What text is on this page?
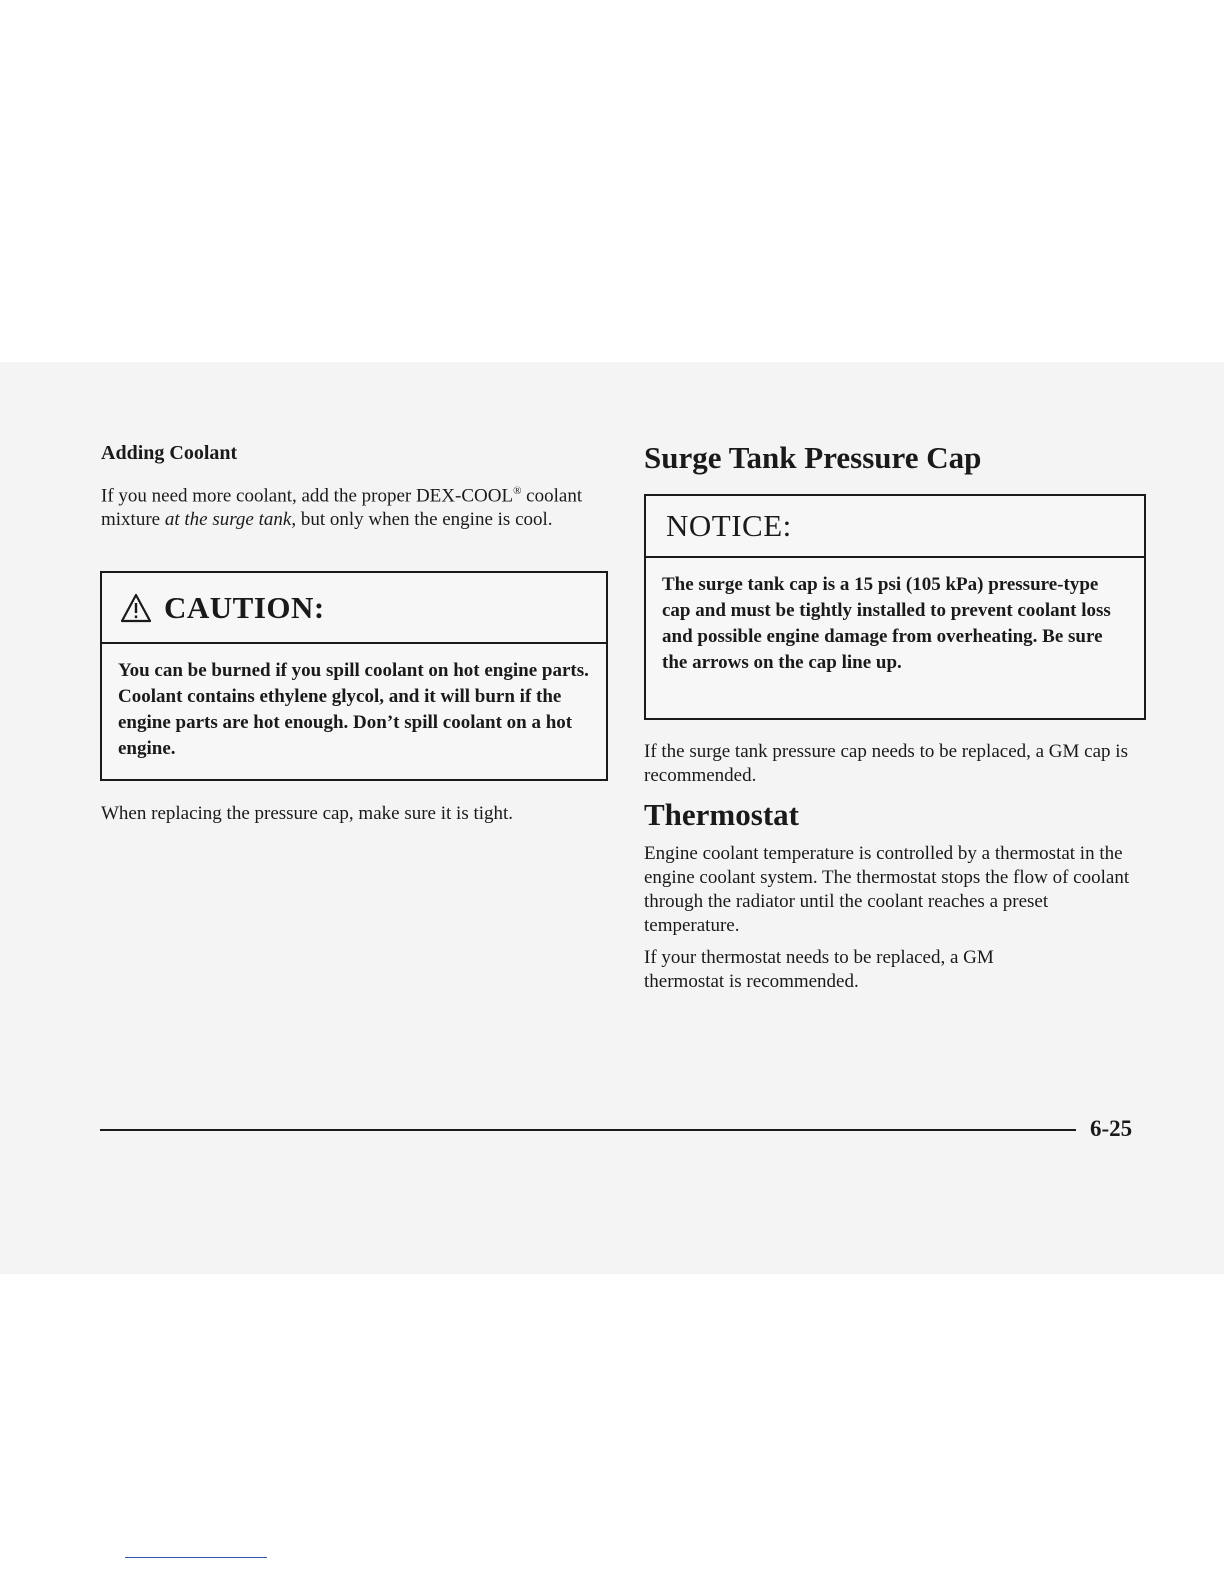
Adding Coolant
If you need more coolant, add the proper DEX-COOL® coolant mixture at the surge tank, but only when the engine is cool.
CAUTION:
You can be burned if you spill coolant on hot engine parts. Coolant contains ethylene glycol, and it will burn if the engine parts are hot enough. Don’t spill coolant on a hot engine.
When replacing the pressure cap, make sure it is tight.
Surge Tank Pressure Cap
NOTICE:
The surge tank cap is a 15 psi (105 kPa) pressure-type cap and must be tightly installed to prevent coolant loss and possible engine damage from overheating. Be sure the arrows on the cap line up.
If the surge tank pressure cap needs to be replaced, a GM cap is recommended.
Thermostat
Engine coolant temperature is controlled by a thermostat in the engine coolant system. The thermostat stops the flow of coolant through the radiator until the coolant reaches a preset temperature.
If your thermostat needs to be replaced, a GM thermostat is recommended.
6-25
